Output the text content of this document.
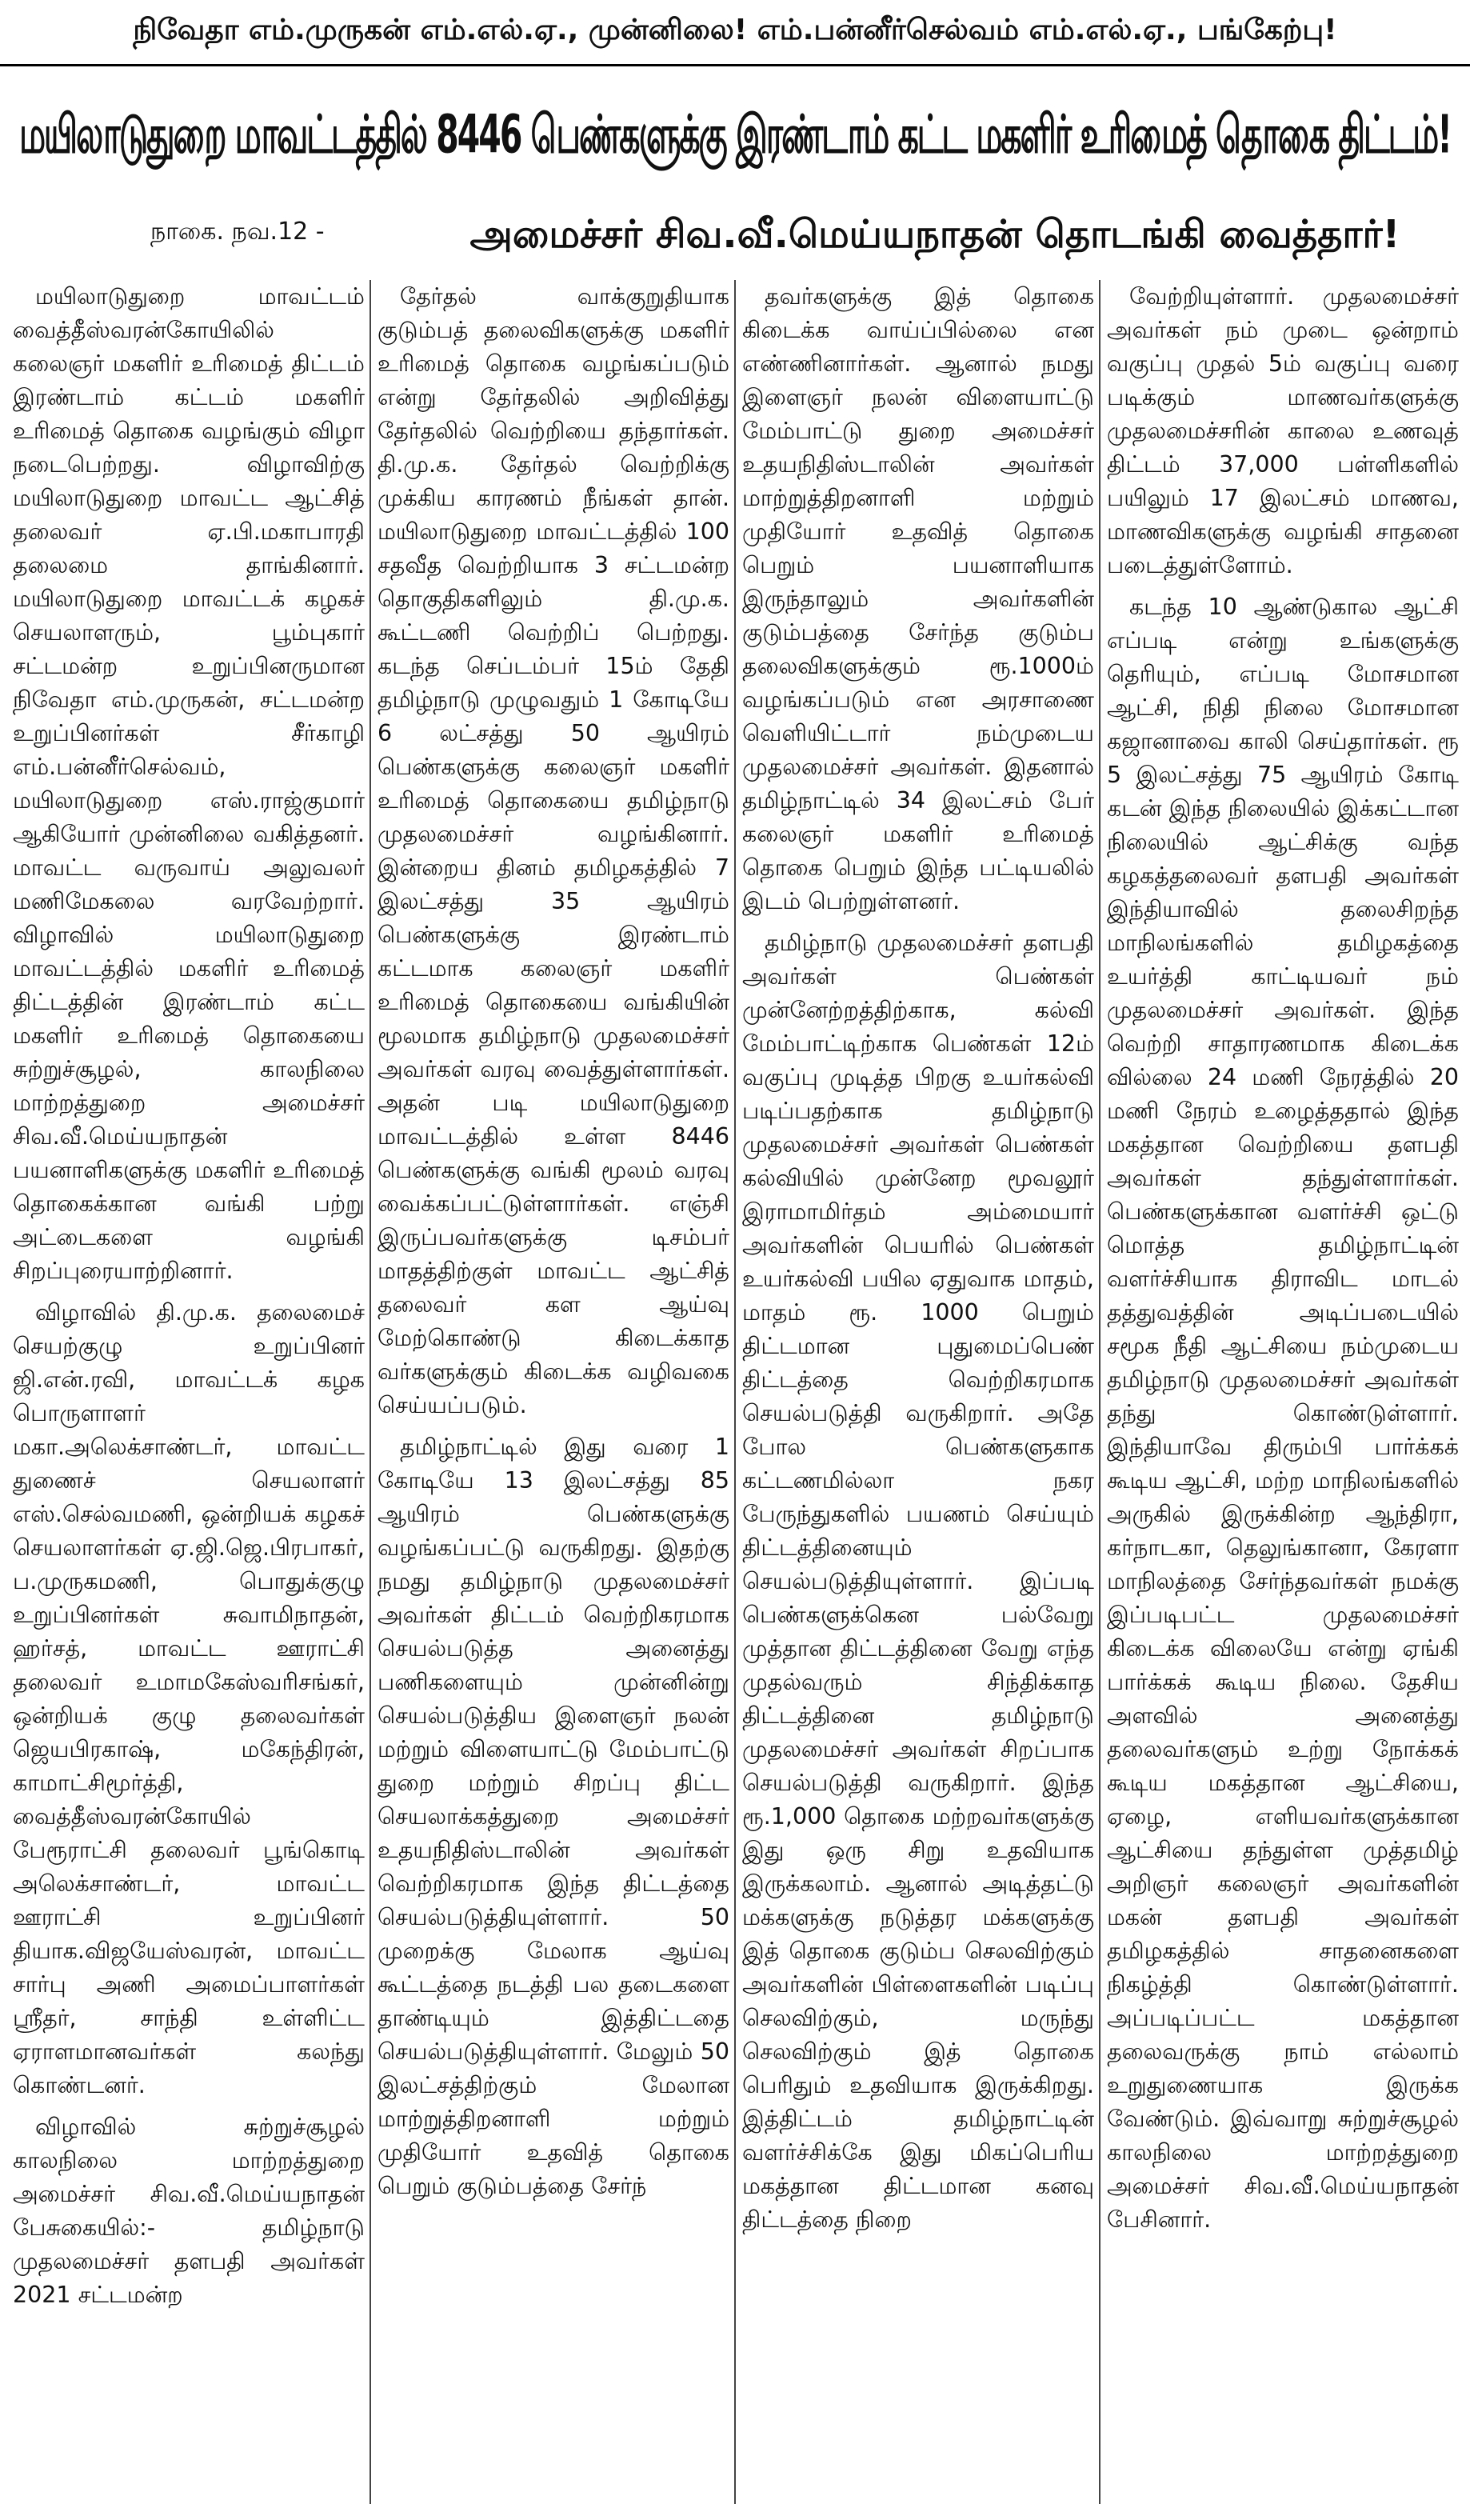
நிவேதா எம்.முருகன் எம்.எல்.ஏ., முன்னிலை! எம்.பன்னீர்செல்வம் எம்.எல்.ஏ., பங்கேற்பு!
மயிலாடுதுறை மாவட்டத்தில் 8446 பெண்களுக்கு இரண்டாம் கட்ட மகளிர் உரிமைத் தொகை திட்டம்!
நாகை. நவ.12 -	அமைச்சர் சிவ.வீ.மெய்யநாதன் தொடங்கி வைத்தார்!

மயிலாடுதுறை மாவட்டம் வைத்தீஸ்வரன்கோயிலில் கலைஞர் மகளிர் உரிமைத் திட்டம் இரண்டாம் கட்டம் மகளிர் உரிமைத் தொகை வழங்கும் விழா நடைபெற்றது. விழாவிற்கு மயிலாடுதுறை மாவட்ட ஆட்சித் தலைவர் ஏ.பி.மகாபாரதி தலைமை தாங்கினார். மயிலாடுதுறை மாவட்டக் கழகச் செயலாளரும், பூம்புகார் சட்டமன்ற உறுப்பினருமான நிவேதா எம்.முருகன், சட்டமன்ற உறுப்பினர்கள் சீர்காழி எம்.பன்னீர்செல்வம், மயிலாடுதுறை எஸ்.ராஜ்குமார் ஆகியோர் முன்னிலை வகித்தனர். மாவட்ட வருவாய் அலுவலர் மணிமேகலை வரவேற்றார். விழாவில் மயிலாடுதுறை மாவட்டத்தில் மகளிர் உரிமைத் திட்டத்தின் இரண்டாம் கட்ட மகளிர் உரிமைத் தொகையை சுற்றுச்சூழல், காலநிலை மாற்றத்துறை அமைச்சர் சிவ.வீ.மெய்யநாதன் பயனாளிகளுக்கு மகளிர் உரிமைத் தொகைக்கான வங்கி பற்று அட்டைகளை வழங்கி சிறப்புரையாற்றினார்.

விழாவில் தி.மு.க. தலைமைச் செயற்குழு உறுப்பினர் ஜி.என்.ரவி, மாவட்டக் கழக பொருளாளர் மகா.அலெக்சாண்டர், மாவட்ட துணைச் செயலாளர் எஸ்.செல்வமணி, ஒன்றியக் கழகச் செயலாளர்கள் ஏ.ஜி.ஜெ.பிரபாகர், ப.முருகமணி, பொதுக்குழு உறுப்பினர்கள் சுவாமிநாதன், ஹர்சத், மாவட்ட ஊராட்சி தலைவர் உமாமகேஸ்வரிசங்கர், ஒன்றியக் குழு தலைவர்கள் ஜெயபிரகாஷ், மகேந்திரன், காமாட்சிமூர்த்தி, வைத்தீஸ்வரன்கோயில் பேரூராட்சி தலைவர் பூங்கொடி அலெக்சாண்டர், மாவட்ட ஊராட்சி உறுப்பினர் தியாக.விஜயேஸ்வரன், மாவட்ட சார்பு அணி அமைப்பாளர்கள் ஸ்ரீதர், சாந்தி உள்ளிட்ட ஏராளமானவர்கள் கலந்து கொண்டனர்.

விழாவில் சுற்றுச்சூழல் காலநிலை மாற்றத்துறை அமைச்சர் சிவ.வீ.மெய்யநாதன் பேசுகையில்:- தமிழ்நாடு முதலமைச்சர் தளபதி அவர்கள் 2021 சட்டமன்ற

தேர்தல் வாக்குறுதியாக குடும்பத் தலைவிகளுக்கு மகளிர் உரிமைத் தொகை வழங்கப்படும் என்று தேர்தலில் அறிவித்து தேர்தலில் வெற்றியை தந்தார்கள். தி.மு.க. தேர்தல் வெற்றிக்கு முக்கிய காரணம் நீங்கள் தான். மயிலாடுதுறை மாவட்டத்தில் 100 சதவீத வெற்றியாக 3 சட்டமன்ற தொகுதிகளிலும் தி.மு.க. கூட்டணி வெற்றிப் பெற்றது. கடந்த செப்டம்பர் 15ம் தேதி தமிழ்நாடு முழுவதும் 1 கோடியே 6 லட்சத்து 50 ஆயிரம் பெண்களுக்கு கலைஞர் மகளிர் உரிமைத் தொகையை தமிழ்நாடு முதலமைச்சர் வழங்கினார். இன்றைய தினம் தமிழகத்தில் 7 இலட்சத்து 35 ஆயிரம் பெண்களுக்கு இரண்டாம் கட்டமாக கலைஞர் மகளிர் உரிமைத் தொகையை வங்கியின் மூலமாக தமிழ்நாடு முதலமைச்சர் அவர்கள் வரவு வைத்துள்ளார்கள். அதன் படி மயிலாடுதுறை மாவட்டத்தில் உள்ள 8446 பெண்களுக்கு வங்கி மூலம் வரவு வைக்கப்பட்டுள்ளார்கள். எஞ்சி இருப்பவர்களுக்கு டிசம்பர் மாதத்திற்குள் மாவட்ட ஆட்சித் தலைவர் கள ஆய்வு மேற்கொண்டு கிடைக்காத வர்களுக்கும் கிடைக்க வழிவகை செய்யப்படும்.

தமிழ்நாட்டில் இது வரை 1 கோடியே 13 இலட்சத்து 85 ஆயிரம் பெண்களுக்கு வழங்கப்பட்டு வருகிறது. இதற்கு நமது தமிழ்நாடு முதலமைச்சர் அவர்கள் திட்டம் வெற்றிகரமாக செயல்படுத்த அனைத்து பணிகளையும் முன்னின்று செயல்படுத்திய இளைஞர் நலன் மற்றும் விளையாட்டு மேம்பாட்டு துறை மற்றும் சிறப்பு திட்ட செயலாக்கத்துறை அமைச்சர் உதயநிதிஸ்டாலின் அவர்கள் வெற்றிகரமாக இந்த திட்டத்தை செயல்படுத்தியுள்ளார். 50 முறைக்கு மேலாக ஆய்வு கூட்டத்தை நடத்தி பல தடைகளை தாண்டியும் இத்திட்டதை செயல்படுத்தியுள்ளார். மேலும் 50 இலட்சத்திற்கும் மேலான மாற்றுத்திறனாளி மற்றும் முதியோர் உதவித் தொகை பெறும் குடும்பத்தை சேர்ந்

தவர்களுக்கு இத் தொகை கிடைக்க வாய்ப்பில்லை என எண்ணினார்கள். ஆனால் நமது இளைஞர் நலன் விளையாட்டு மேம்பாட்டு துறை அமைச்சர் உதயநிதிஸ்டாலின் அவர்கள் மாற்றுத்திறனாளி மற்றும் முதியோர் உதவித் தொகை பெறும் பயனாளியாக இருந்தாலும் அவர்களின் குடும்பத்தை சேர்ந்த குடும்ப தலைவிகளுக்கும் ரூ.1000ம் வழங்கப்படும் என அரசாணை வெளியிட்டார் நம்முடைய முதலமைச்சர் அவர்கள். இதனால் தமிழ்நாட்டில் 34 இலட்சம் பேர் கலைஞர் மகளிர் உரிமைத் தொகை பெறும் இந்த பட்டியலில் இடம் பெற்றுள்ளனர்.

தமிழ்நாடு முதலமைச்சர் தளபதி அவர்கள் பெண்கள் முன்னேற்றத்திற்காக, கல்வி மேம்பாட்டிற்காக பெண்கள் 12ம் வகுப்பு முடித்த பிறகு உயர்கல்வி படிப்பதற்காக தமிழ்நாடு முதலமைச்சர் அவர்கள் பெண்கள் கல்வியில் முன்னேற மூவலூர் இராமாமிர்தம் அம்மையார் அவர்களின் பெயரில் பெண்கள் உயர்கல்வி பயில ஏதுவாக மாதம், மாதம் ரூ. 1000 பெறும் திட்டமான புதுமைப்பெண் திட்டத்தை வெற்றிகரமாக செயல்படுத்தி வருகிறார். அதே போல பெண்களுகாக கட்டணமில்லா நகர பேருந்துகளில் பயணம் செய்யும் திட்டத்தினையும் செயல்படுத்தியுள்ளார். இப்படி பெண்களுக்கென பல்வேறு முத்தான திட்டத்தினை வேறு எந்த முதல்வரும் சிந்திக்காத திட்டத்தினை தமிழ்நாடு முதலமைச்சர் அவர்கள் சிறப்பாக செயல்படுத்தி வருகிறார். இந்த ரூ.1,000 தொகை மற்றவர்களுக்கு இது ஒரு சிறு உதவியாக இருக்கலாம். ஆனால் அடித்தட்டு மக்களுக்கு நடுத்தர மக்களுக்கு இத் தொகை குடும்ப செலவிற்கும் அவர்களின் பிள்ளைகளின் படிப்பு செலவிற்கும், மருந்து செலவிற்கும் இத் தொகை பெரிதும் உதவியாக இருக்கிறது. இத்திட்டம் தமிழ்நாட்டின் வளர்ச்சிக்கே இது மிகப்பெரிய மகத்தான திட்டமான கனவு திட்டத்தை நிறை

வேற்றியுள்ளார். முதலமைச்சர் அவர்கள் நம் முடை ஒன்றாம் வகுப்பு முதல் 5ம் வகுப்பு வரை படிக்கும் மாணவர்களுக்கு முதலமைச்சரின் காலை உணவுத் திட்டம் 37,000 பள்ளிகளில் பயிலும் 17 இலட்சம் மாணவ, மாணவிகளுக்கு வழங்கி சாதனை படைத்துள்ளோம்.

கடந்த 10 ஆண்டுகால ஆட்சி எப்படி என்று உங்களுக்கு தெரியும், எப்படி மோசமான ஆட்சி, நிதி நிலை மோசமான கஜானாவை காலி செய்தார்கள். ரூ 5 இலட்சத்து 75 ஆயிரம் கோடி கடன் இந்த நிலையில் இக்கட்டான நிலையில் ஆட்சிக்கு வந்த கழகத்தலைவர் தளபதி அவர்கள் இந்தியாவில் தலைசிறந்த மாநிலங்களில் தமிழகத்தை உயர்த்தி காட்டியவர் நம் முதலமைச்சர் அவர்கள். இந்த வெற்றி சாதாரணமாக கிடைக்க வில்லை 24 மணி நேரத்தில் 20 மணி நேரம் உழைத்ததால் இந்த மகத்தான வெற்றியை தளபதி அவர்கள் தந்துள்ளார்கள். பெண்களுக்கான வளர்ச்சி ஒட்டு மொத்த தமிழ்நாட்டின் வளர்ச்சியாக திராவிட மாடல் தத்துவத்தின் அடிப்படையில் சமூக நீதி ஆட்சியை நம்முடைய தமிழ்நாடு முதலமைச்சர் அவர்கள் தந்து கொண்டுள்ளார். இந்தியாவே திரும்பி பார்க்கக் கூடிய ஆட்சி, மற்ற மாநிலங்களில் அருகில் இருக்கின்ற ஆந்திரா, கர்நாடகா, தெலுங்கானா, கேரளா மாநிலத்தை சேர்ந்தவர்கள் நமக்கு இப்படிபட்ட முதலமைச்சர் கிடைக்க விலையே என்று ஏங்கி பார்க்கக் கூடிய நிலை. தேசிய அளவில் அனைத்து தலைவர்களும் உற்று நோக்கக் கூடிய மகத்தான ஆட்சியை, ஏழை, எளியவர்களுக்கான ஆட்சியை தந்துள்ள முத்தமிழ் அறிஞர் கலைஞர் அவர்களின் மகன் தளபதி அவர்கள் தமிழகத்தில் சாதனைகளை நிகழ்த்தி கொண்டுள்ளார். அப்படிப்பட்ட மகத்தான தலைவருக்கு நாம் எல்லாம் உறுதுணையாக இருக்க வேண்டும். இவ்வாறு சுற்றுச்சூழல் காலநிலை மாற்றத்துறை அமைச்சர் சிவ.வீ.மெய்யநாதன் பேசினார்.
